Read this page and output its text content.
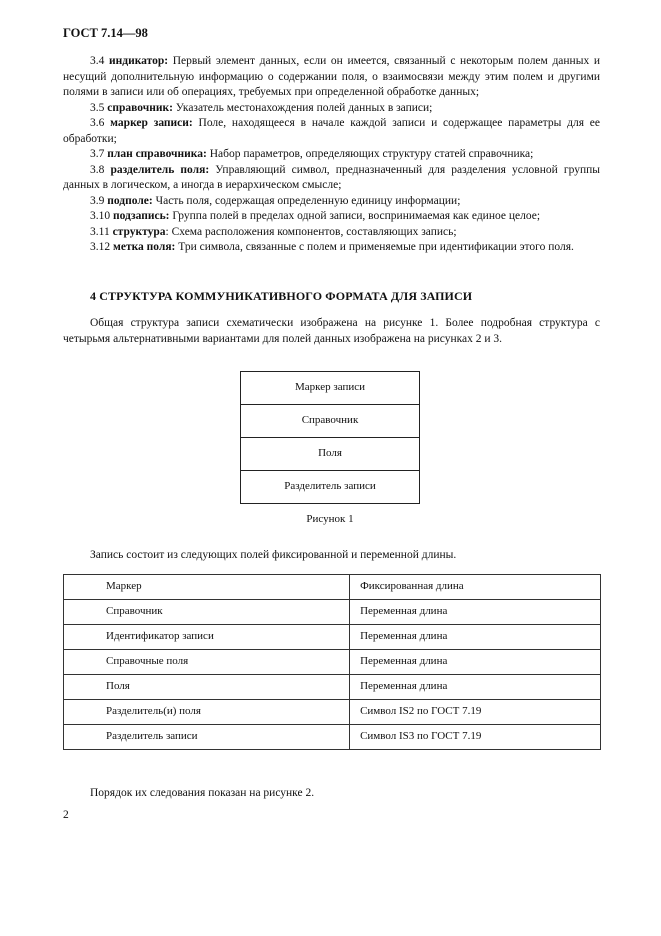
ГОСТ 7.14—98

3.4 индикатор: Первый элемент данных, если он имеется, связанный с некоторым полем данных и несущий дополнительную информацию о содержании поля, о взаимосвязи между этим полем и другими полями в записи или об операциях, требуемых при определенной обработке данных;

3.5 справочник: Указатель местонахождения полей данных в записи;

3.6 маркер записи: Поле, находящееся в начале каждой записи и содержащее параметры для ее обработки;

3.7 план справочника: Набор параметров, определяющих структуру статей справочника;

3.8 разделитель поля: Управляющий символ, предназначенный для разделения условной группы данных в логическом, а иногда в иерархическом смысле;

3.9 подполе: Часть поля, содержащая определенную единицу информации;

3.10 подзапись: Группа полей в пределах одной записи, воспринимаемая как единое целое;

3.11 структура: Схема расположения компонентов, составляющих запись;

3.12 метка поля: Три символа, связанные с полем и применяемые при идентификации этого поля.

4 СТРУКТУРА КОММУНИКАТИВНОГО ФОРМАТА ДЛЯ ЗАПИСИ

Общая структура записи схематически изображена на рисунке 1. Более подробная структура с четырьмя альтернативными вариантами для полей данных изображена на рисунках 2 и 3.

Маркер записи
Справочник
Поля
Разделитель записи
Рисунок 1

Запись состоит из следующих полей фиксированной и переменной длины.

Маркер	Фиксированная длина
Справочник	Переменная длина
Идентификатор записи	Переменная длина
Справочные поля	Переменная длина
Поля	Переменная длина
Разделитель(и) поля	Символ IS2 по ГОСТ 7.19
Разделитель записи	Символ IS3 по ГОСТ 7.19

Порядок их следования показан на рисунке 2.

2
